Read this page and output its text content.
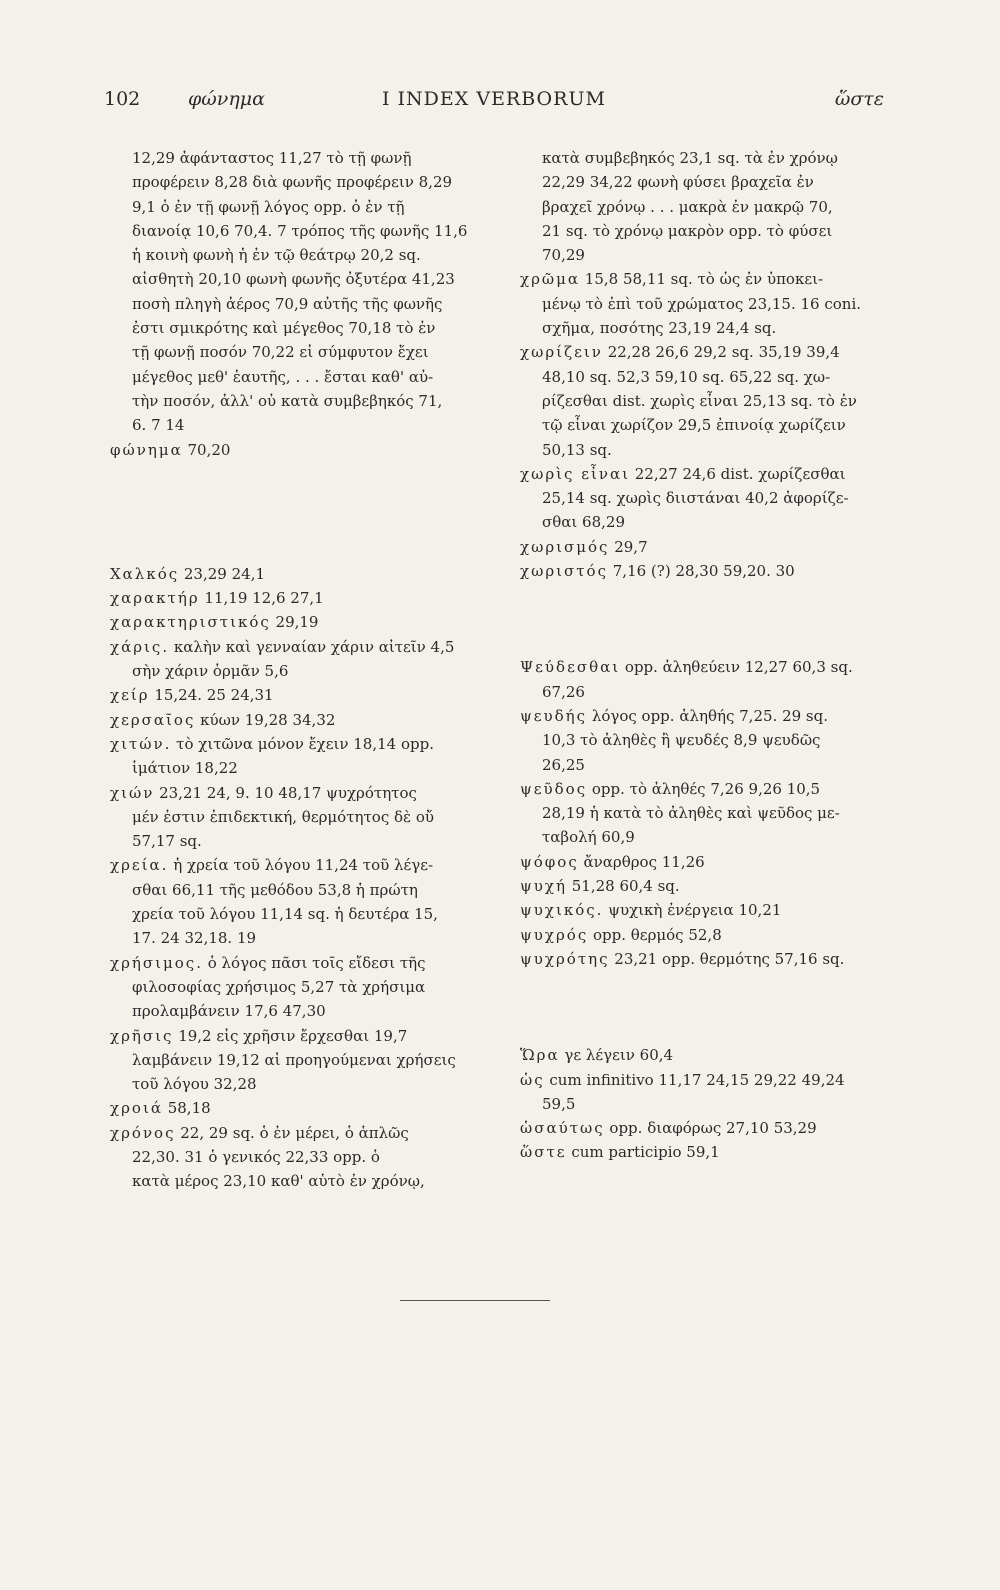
102	φώνημα	I INDEX VERBORUM	ὥστε
12,29 ἀφάνταστος 11,27 τὸ τῇ φωνῇ
προφέρειν 8,28 διὰ φωνῆς προφέρειν 8,29
9,1 ὁ ἐν τῇ φωνῇ λόγος opp. ὁ ἐν τῇ
διανοίᾳ 10,6 70,4. 7 τρόπος τῆς φωνῆς 11,6
ἡ κοινὴ φωνὴ ἡ ἐν τῷ θεάτρῳ 20,2 sq.
αἰσθητὴ 20,10 φωνὴ φωνῆς ὀξυτέρα 41,23
ποσὴ πληγὴ ἀέρος 70,9 αὐτῆς τῆς φωνῆς
ἐστι σμικρότης καὶ μέγεθος 70,18 τὸ ἐν
τῇ φωνῇ ποσόν 70,22 εἰ σύμφυτον ἔχει
μέγεθος μεθ' ἑαυτῆς, . . . ἔσται καθ' αὐ-
τὴν ποσόν, ἀλλ' οὐ κατὰ συμβεβηκός 71,
6. 7 14
φώνημα 70,20
Χαλκός 23,29 24,1
χαρακτήρ 11,19 12,6 27,1
χαρακτηριστικός 29,19
χάρις. καλὴν καὶ γενναίαν χάριν αἰτεῖν 4,5
σὴν χάριν ὁρμᾶν 5,6
χείρ 15,24. 25 24,31
χερσαῖος κύων 19,28 34,32
χιτών. τὸ χιτῶνα μόνον ἔχειν 18,14 opp.
ἱμάτιον 18,22
χιών 23,21 24, 9. 10 48,17 ψυχρότητος
μέν ἐστιν ἐπιδεκτική, θερμότητος δὲ οὔ
57,17 sq.
χρεία. ἡ χρεία τοῦ λόγου 11,24 τοῦ λέγε-
σθαι 66,11 τῆς μεθόδου 53,8 ἡ πρώτη
χρεία τοῦ λόγου 11,14 sq. ἡ δευτέρα 15,
17. 24 32,18. 19
χρήσιμος. ὁ λόγος πᾶσι τοῖς εἴδεσι τῆς
φιλοσοφίας χρήσιμος 5,27 τὰ χρήσιμα
προλαμβάνειν 17,6 47,30
χρῆσις 19,2 εἰς χρῆσιν ἔρχεσθαι 19,7
λαμβάνειν 19,12 αἱ προηγούμεναι χρήσεις
τοῦ λόγου 32,28
χροιά 58,18
χρόνος 22, 29 sq. ὁ ἐν μέρει, ὁ ἁπλῶς
22,30. 31 ὁ γενικός 22,33 opp. ὁ
κατὰ μέρος 23,10 καθ' αὑτὸ ἐν χρόνῳ,
κατὰ συμβεβηκός 23,1 sq. τὰ ἐν χρόνῳ
22,29 34,22 φωνὴ φύσει βραχεῖα ἐν
βραχεῖ χρόνῳ . . . μακρὰ ἐν μακρῷ 70,
21 sq. τὸ χρόνῳ μακρὸν opp. τὸ φύσει
70,29
χρῶμα 15,8 58,11 sq. τὸ ὡς ἐν ὑποκει-
μένῳ τὸ ἐπὶ τοῦ χρώματος 23,15. 16 coni.
σχῆμα, ποσότης 23,19 24,4 sq.
χωρίζειν 22,28 26,6 29,2 sq. 35,19 39,4
48,10 sq. 52,3 59,10 sq. 65,22 sq. χω-
ρίζεσθαι dist. χωρὶς εἶναι 25,13 sq. τὸ ἐν
τῷ εἶναι χωρίζον 29,5 ἐπινοίᾳ χωρίζειν
50,13 sq.
χωρὶς εἶναι 22,27 24,6 dist. χωρίζεσθαι
25,14 sq. χωρὶς διιστάναι 40,2 ἀφορίζε-
σθαι 68,29
χωρισμός 29,7
χωριστός 7,16 (?) 28,30 59,20. 30
Ψεύδεσθαι opp. ἀληθεύειν 12,27 60,3 sq.
67,26
ψευδής λόγος opp. ἀληθής 7,25. 29 sq.
10,3 τὸ ἀληθὲς ἢ ψευδές 8,9 ψευδῶς
26,25
ψεῦδος opp. τὸ ἀληθές 7,26 9,26 10,5
28,19 ἡ κατὰ τὸ ἀληθὲς καὶ ψεῦδος με-
ταβολή 60,9
ψόφος ἄναρθρος 11,26
ψυχή 51,28 60,4 sq.
ψυχικός. ψυχικὴ ἐνέργεια 10,21
ψυχρός opp. θερμός 52,8
ψυχρότης 23,21 opp. θερμότης 57,16 sq.
Ὥρα γε λέγειν 60,4
ὡς cum infinitivo 11,17 24,15 29,22 49,24
59,5
ὡσαύτως opp. διαφόρως 27,10 53,29
ὥστε cum participio 59,1
